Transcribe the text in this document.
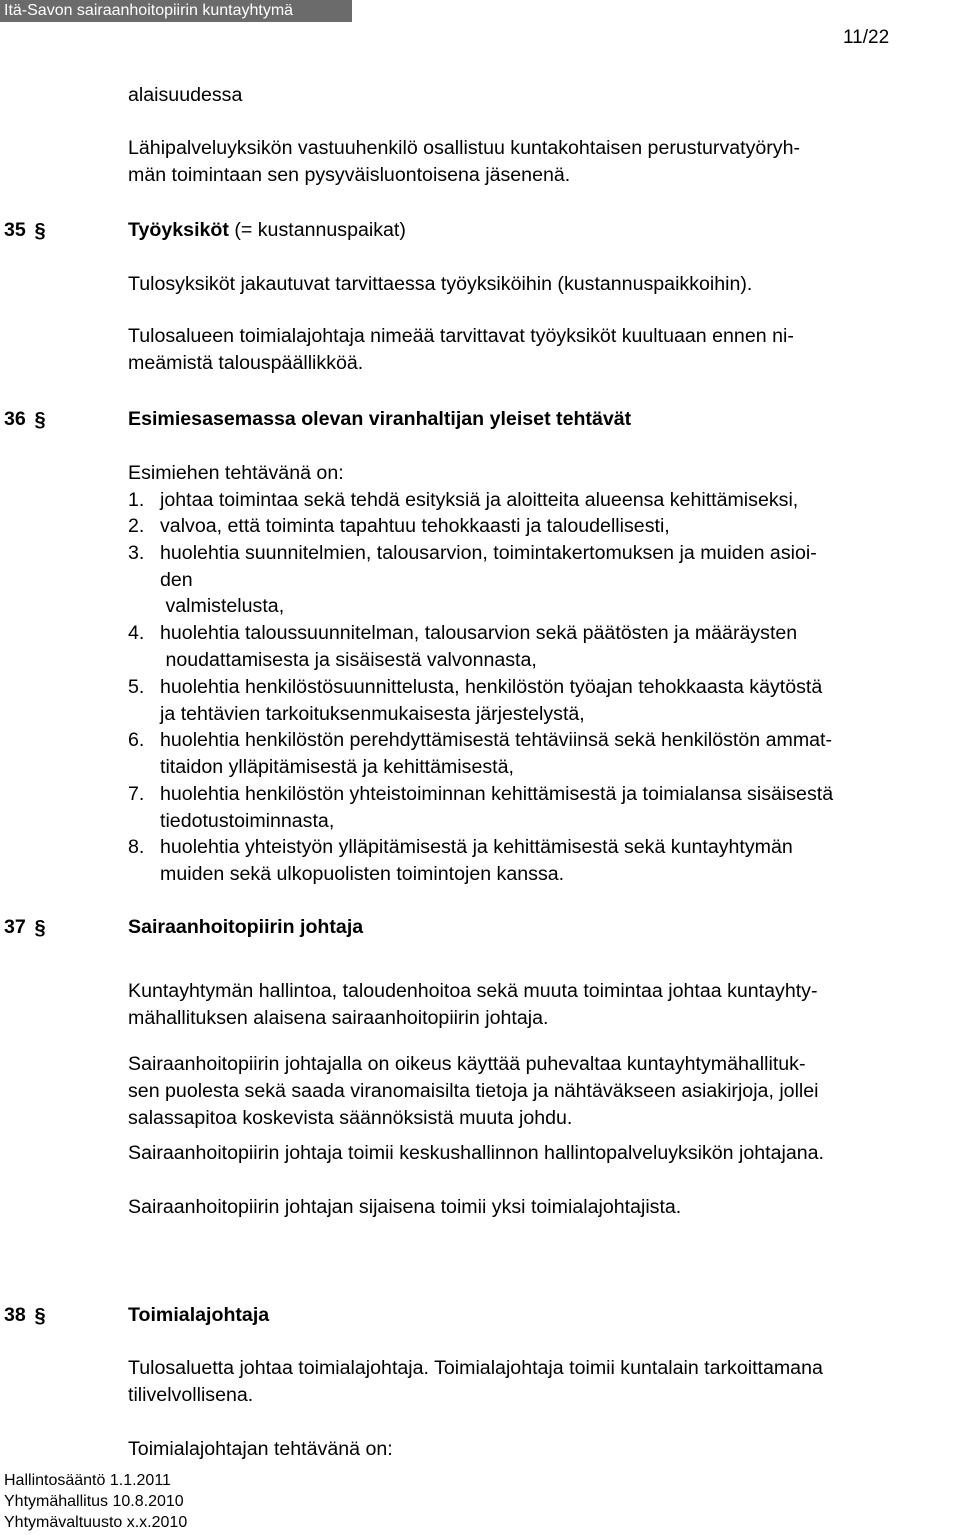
Itä-Savon sairaanhoitopiirin kuntayhtymä
11/22
alaisuudessa
Lähipalveluyksikön vastuuhenkilö osallistuu kuntakohtaisen perusturvatyöryh-
män toimintaan sen pysyväisluontoisena jäsenenä.
35 §	Työyksiköt (= kustannuspaikat)
Tulosyksiköt jakautuvat tarvittaessa työyksiköihin (kustannuspaikkoihin).
Tulosalueen toimialajohtaja nimeää tarvittavat työyksiköt kuultuaan ennen ni-
meämistä talouspäällikköä.
36 §	Esimiesasemassa olevan viranhaltijan yleiset tehtävät
Esimiehen tehtävänä on:
1. johtaa toimintaa sekä tehdä esityksiä ja aloitteita alueensa kehittämiseksi,
2. valvoa, että toiminta tapahtuu tehokkaasti ja taloudellisesti,
3. huolehtia suunnitelmien, talousarvion, toimintakertomuksen ja muiden asioi-
den
valmistelusta,
4. huolehtia taloussuunnitelman, talousarvion sekä päätösten ja määräysten
noudattamisesta ja sisäisestä valvonnasta,
5. huolehtia henkilöstösuunnittelusta, henkilöstön työajan tehokkaasta käytöstä
ja tehtävien tarkoituksenmukaisesta järjestelystä,
6. huolehtia henkilöstön perehdyttämisestä tehtäviinsä sekä henkilöstön ammat-
titaidon ylläpitämisestä ja kehittämisestä,
7. huolehtia henkilöstön yhteistoiminnan kehittämisestä ja toimialansa sisäisestä
tiedotustoiminnasta,
8. huolehtia yhteistyön ylläpitämisestä ja kehittämisestä sekä kuntayhtymän
muiden sekä ulkopuolisten toimintojen kanssa.
37 §	Sairaanhoitopiirin johtaja
Kuntayhtymän hallintoa, taloudenhoitoa sekä muuta toimintaa johtaa kuntayhty-
mähallituksen alaisena sairaanhoitopiirin johtaja.
Sairaanhoitopiirin johtajalla on oikeus käyttää puhevaltaa kuntayhtymähallituk-
sen puolesta sekä saada viranomaisilta tietoja ja nähtäväkseen asiakirjoja, jollei
salassapitoa koskevista säännöksistä muuta johdu.
Sairaanhoitopiirin johtaja toimii keskushallinnon hallintopalveluyksikön johtajana.
Sairaanhoitopiirin johtajan sijaisena toimii yksi toimialajohtajista.
38 §	Toimialajohtaja
Tulosaluetta johtaa toimialajohtaja. Toimialajohtaja toimii kuntalain tarkoittamana
tilivelvollisena.
Toimialajohtajan tehtävänä on:
Hallintosääntö 1.1.2011
Yhtymähallitus 10.8.2010
Yhtymävaltuusto x.x.2010
